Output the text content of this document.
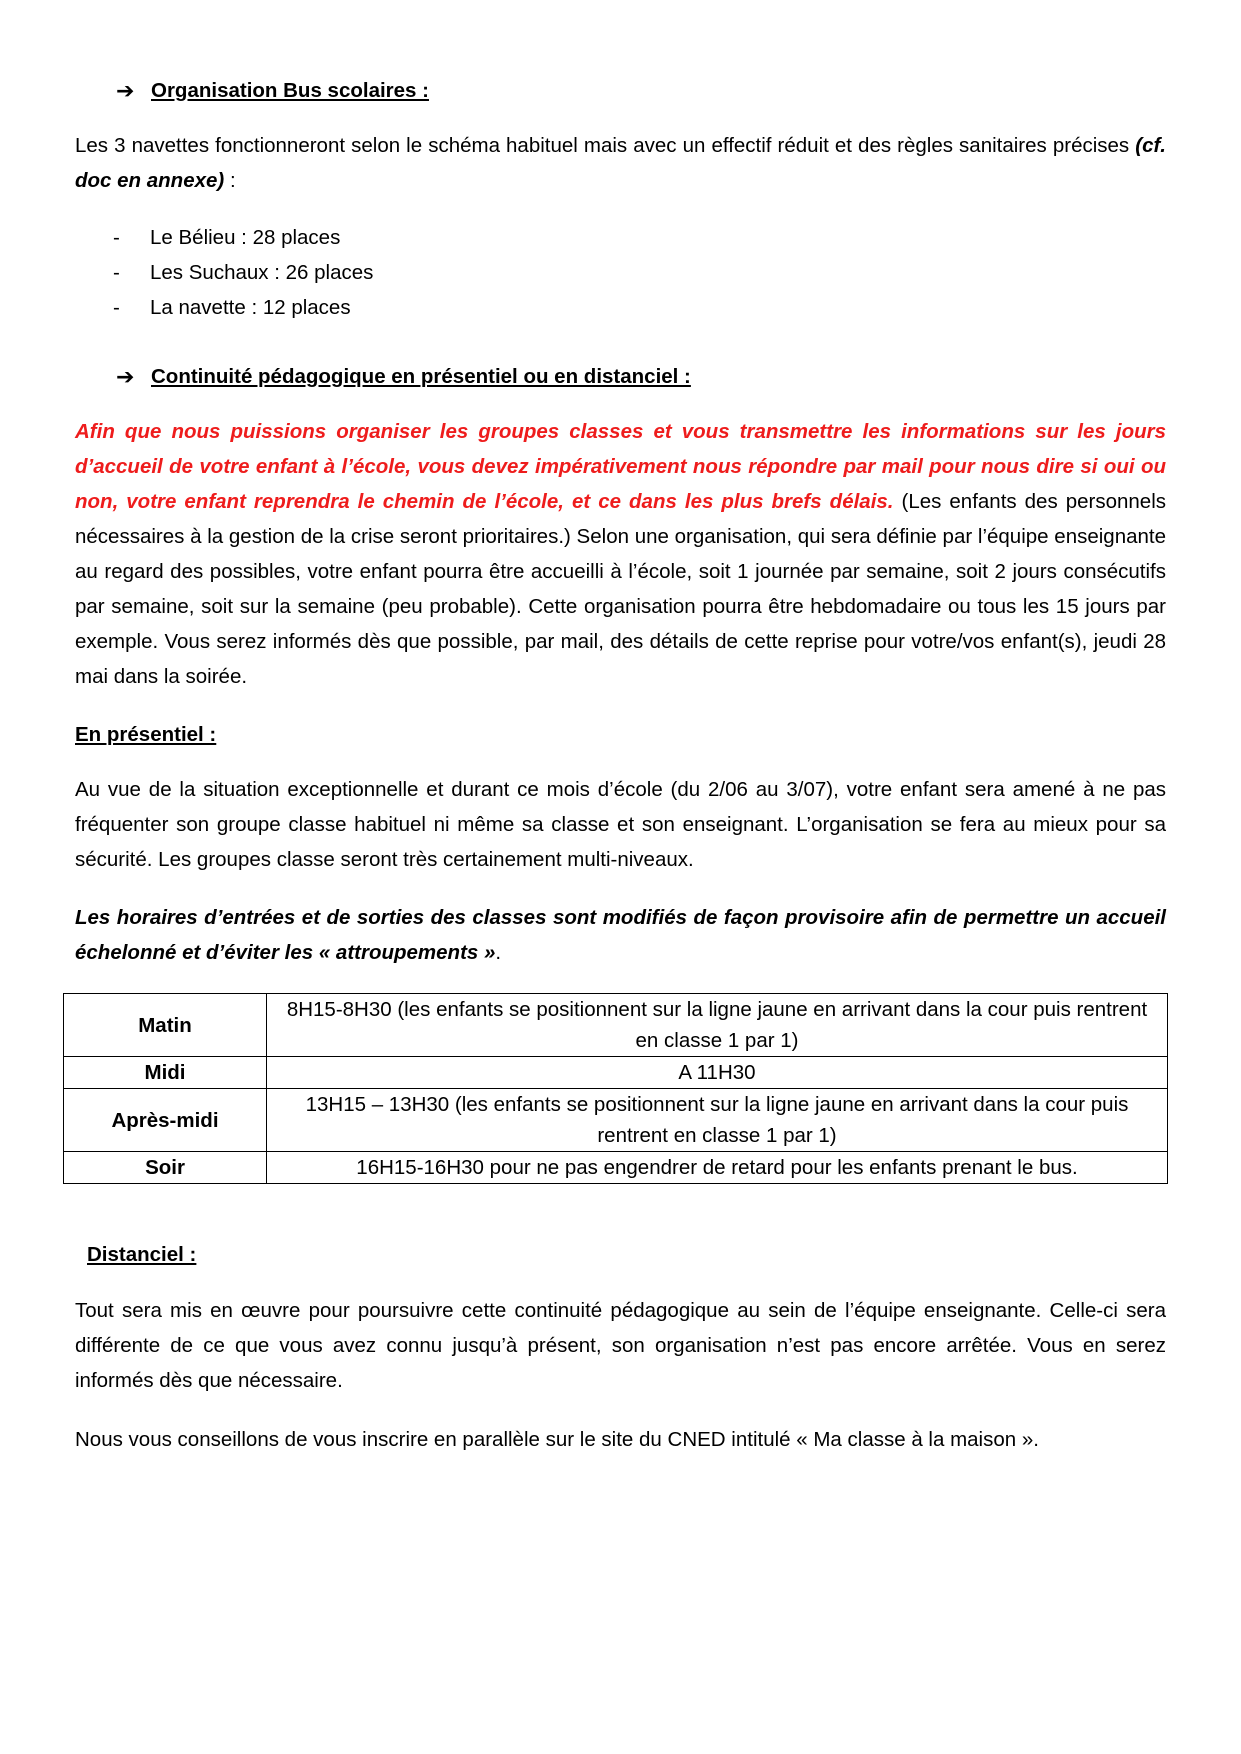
➔ Organisation Bus scolaires :

Les 3 navettes fonctionneront selon le schéma habituel mais avec un effectif réduit et des règles sanitaires précises (cf. doc en annexe) :

- Le Bélieu : 28 places
- Les Suchaux : 26 places
- La navette : 12 places
➔ Continuité pédagogique en présentiel ou en distanciel :

Afin que nous puissions organiser les groupes classes et vous transmettre les informations sur les jours d’accueil de votre enfant à l’école, vous devez impérativement nous répondre par mail pour nous dire si oui ou non, votre enfant reprendra le chemin de l’école, et ce dans les plus brefs délais. (Les enfants des personnels nécessaires à la gestion de la crise seront prioritaires.) Selon une organisation, qui sera définie par l’équipe enseignante au regard des possibles, votre enfant pourra être accueilli à l’école, soit 1 journée par semaine, soit 2 jours consécutifs par semaine, soit sur la semaine (peu probable). Cette organisation pourra être hebdomadaire ou tous les 15 jours par exemple. Vous serez informés dès que possible, par mail, des détails de cette reprise pour votre/vos enfant(s), jeudi 28 mai dans la soirée.

En présentiel :
Au vue de la situation exceptionnelle et durant ce mois d’école (du 2/06 au 3/07), votre enfant sera amené à ne pas fréquenter son groupe classe habituel ni même sa classe et son enseignant. L’organisation se fera au mieux pour sa sécurité. Les groupes classe seront très certainement multi-niveaux.

Les horaires d’entrées et de sorties des classes sont modifiés de façon provisoire afin de permettre un accueil échelonné et d’éviter les « attroupements ».

Matin	8H15-8H30 (les enfants se positionnent sur la ligne jaune en arrivant dans la cour puis rentrent en classe 1 par 1)
Midi	A 11H30
Après-midi	13H15 – 13H30 (les enfants se positionnent sur la ligne jaune en arrivant dans la cour puis rentrent en classe 1 par 1)
Soir	16H15-16H30 pour ne pas engendrer de retard pour les enfants prenant le bus.
Distanciel :
Tout sera mis en œuvre pour poursuivre cette continuité pédagogique au sein de l’équipe enseignante. Celle-ci sera différente de ce que vous avez connu jusqu’à présent, son organisation n’est pas encore arrêtée. Vous en serez informés dès que nécessaire.
Nous vous conseillons de vous inscrire en parallèle sur le site du CNED intitulé « Ma classe à la maison ».
